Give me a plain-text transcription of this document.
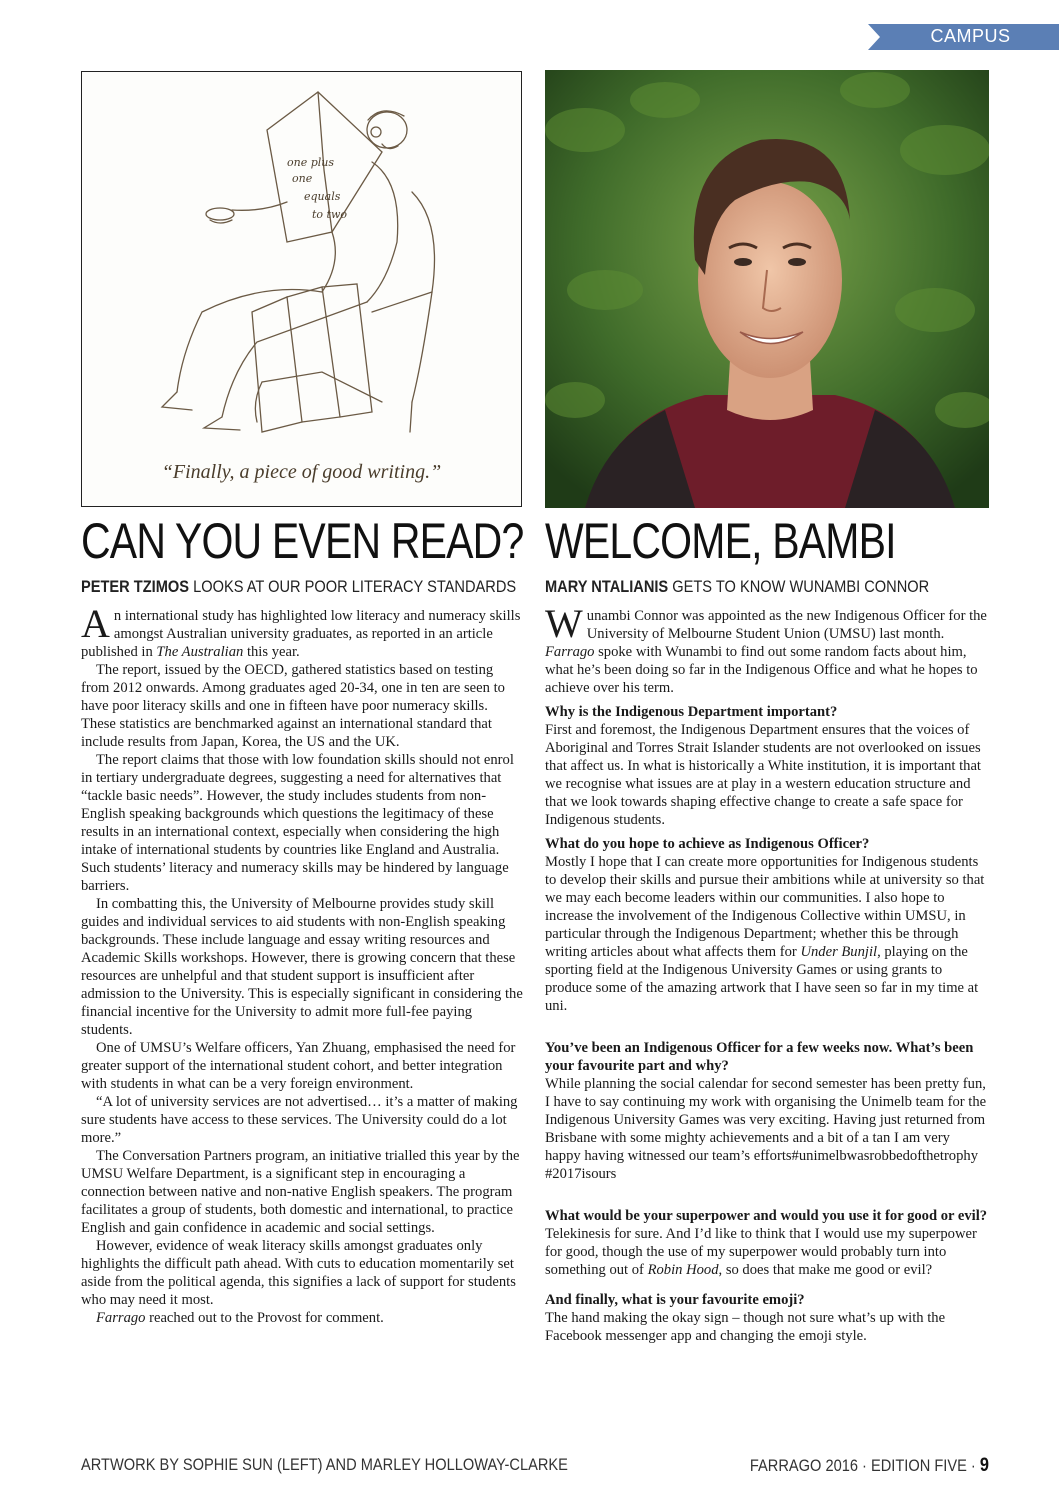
CAMPUS
one plus
one
equals
to two
“Finally, a piece of good writing.”
CAN YOU EVEN READ? WELCOME, BAMBI
PETER TZIMOS LOOKS AT OUR POOR LITERACY STANDARDS MARY NTALIANIS GETS TO KNOW WUNAMBI CONNOR

An international study has highlighted low literacy and numeracy skills amongst Australian university graduates, as reported in an article published in The Australian this year.

The report, issued by the OECD, gathered statistics based on testing from 2012 onwards. Among graduates aged 20-34, one in ten are seen to have poor literacy skills and one in fifteen have poor numeracy skills. These statistics are benchmarked against an international standard that include results from Japan, Korea, the US and the UK.

The report claims that those with low foundation skills should not enrol in tertiary undergraduate degrees, suggesting a need for alternatives that “tackle basic needs”. However, the study includes students from non-English speaking backgrounds which questions the legitimacy of these results in an international context, especially when considering the high intake of international students by countries like England and Australia. Such students’ literacy and numeracy skills may be hindered by language barriers.

In combatting this, the University of Melbourne provides study skill guides and individual services to aid students with non-English speaking backgrounds. These include language and essay writing resources and Academic Skills workshops. However, there is growing concern that these resources are unhelpful and that student support is insufficient after admission to the University. This is especially significant in considering the financial incentive for the University to admit more full-fee paying students.

One of UMSU’s Welfare officers, Yan Zhuang, emphasised the need for greater support of the international student cohort, and better integration with students in what can be a very foreign environment.

“A lot of university services are not advertised… it’s a matter of making sure students have access to these services. The University could do a lot more.”

The Conversation Partners program, an initiative trialled this year by the UMSU Welfare Department, is a significant step in encouraging a connection between native and non-native English speakers. The program facilitates a group of students, both domestic and international, to practice English and gain confidence in academic and social settings.

However, evidence of weak literacy skills amongst graduates only highlights the difficult path ahead. With cuts to education momentarily set aside from the political agenda, this signifies a lack of support for students who may need it most.

Farrago reached out to the Provost for comment.

Wunambi Connor was appointed as the new Indigenous Officer for the University of Melbourne Student Union (UMSU) last month. Farrago spoke with Wunambi to find out some random facts about him, what he’s been doing so far in the Indigenous Office and what he hopes to achieve over his term.

Why is the Indigenous Department important?

First and foremost, the Indigenous Department ensures that the voices of Aboriginal and Torres Strait Islander students are not overlooked on issues that affect us. In what is historically a White institution, it is important that we recognise what issues are at play in a western education structure and that we look towards shaping effective change to create a safe space for Indigenous students.

What do you hope to achieve as Indigenous Officer?

Mostly I hope that I can create more opportunities for Indigenous students to develop their skills and pursue their ambitions while at university so that we may each become leaders within our communities. I also hope to increase the involvement of the Indigenous Collective within UMSU, in particular through the Indigenous Department; whether this be through writing articles about what affects them for Under Bunjil, playing on the sporting field at the Indigenous University Games or using grants to produce some of the amazing artwork that I have seen so far in my time at uni.

You’ve been an Indigenous Officer for a few weeks now. What’s been your favourite part and why?

While planning the social calendar for second semester has been pretty fun, I have to say continuing my work with organising the Unimelb team for the Indigenous University Games was very exciting. Having just returned from Brisbane with some mighty achievements and a bit of a tan I am very happy having witnessed our team’s efforts#unimelbwasrobbedofthetrophy #2017isours

What would be your superpower and would you use it for good or evil?

Telekinesis for sure. And I’d like to think that I would use my superpower for good, though the use of my superpower would probably turn into something out of Robin Hood, so does that make me good or evil?

And finally, what is your favourite emoji?

The hand making the okay sign – though not sure what’s up with the Facebook messenger app and changing the emoji style.

ARTWORK BY SOPHIE SUN (LEFT) AND MARLEY HOLLOWAY-CLARKE	FARRAGO 2016 · EDITION FIVE · 9
